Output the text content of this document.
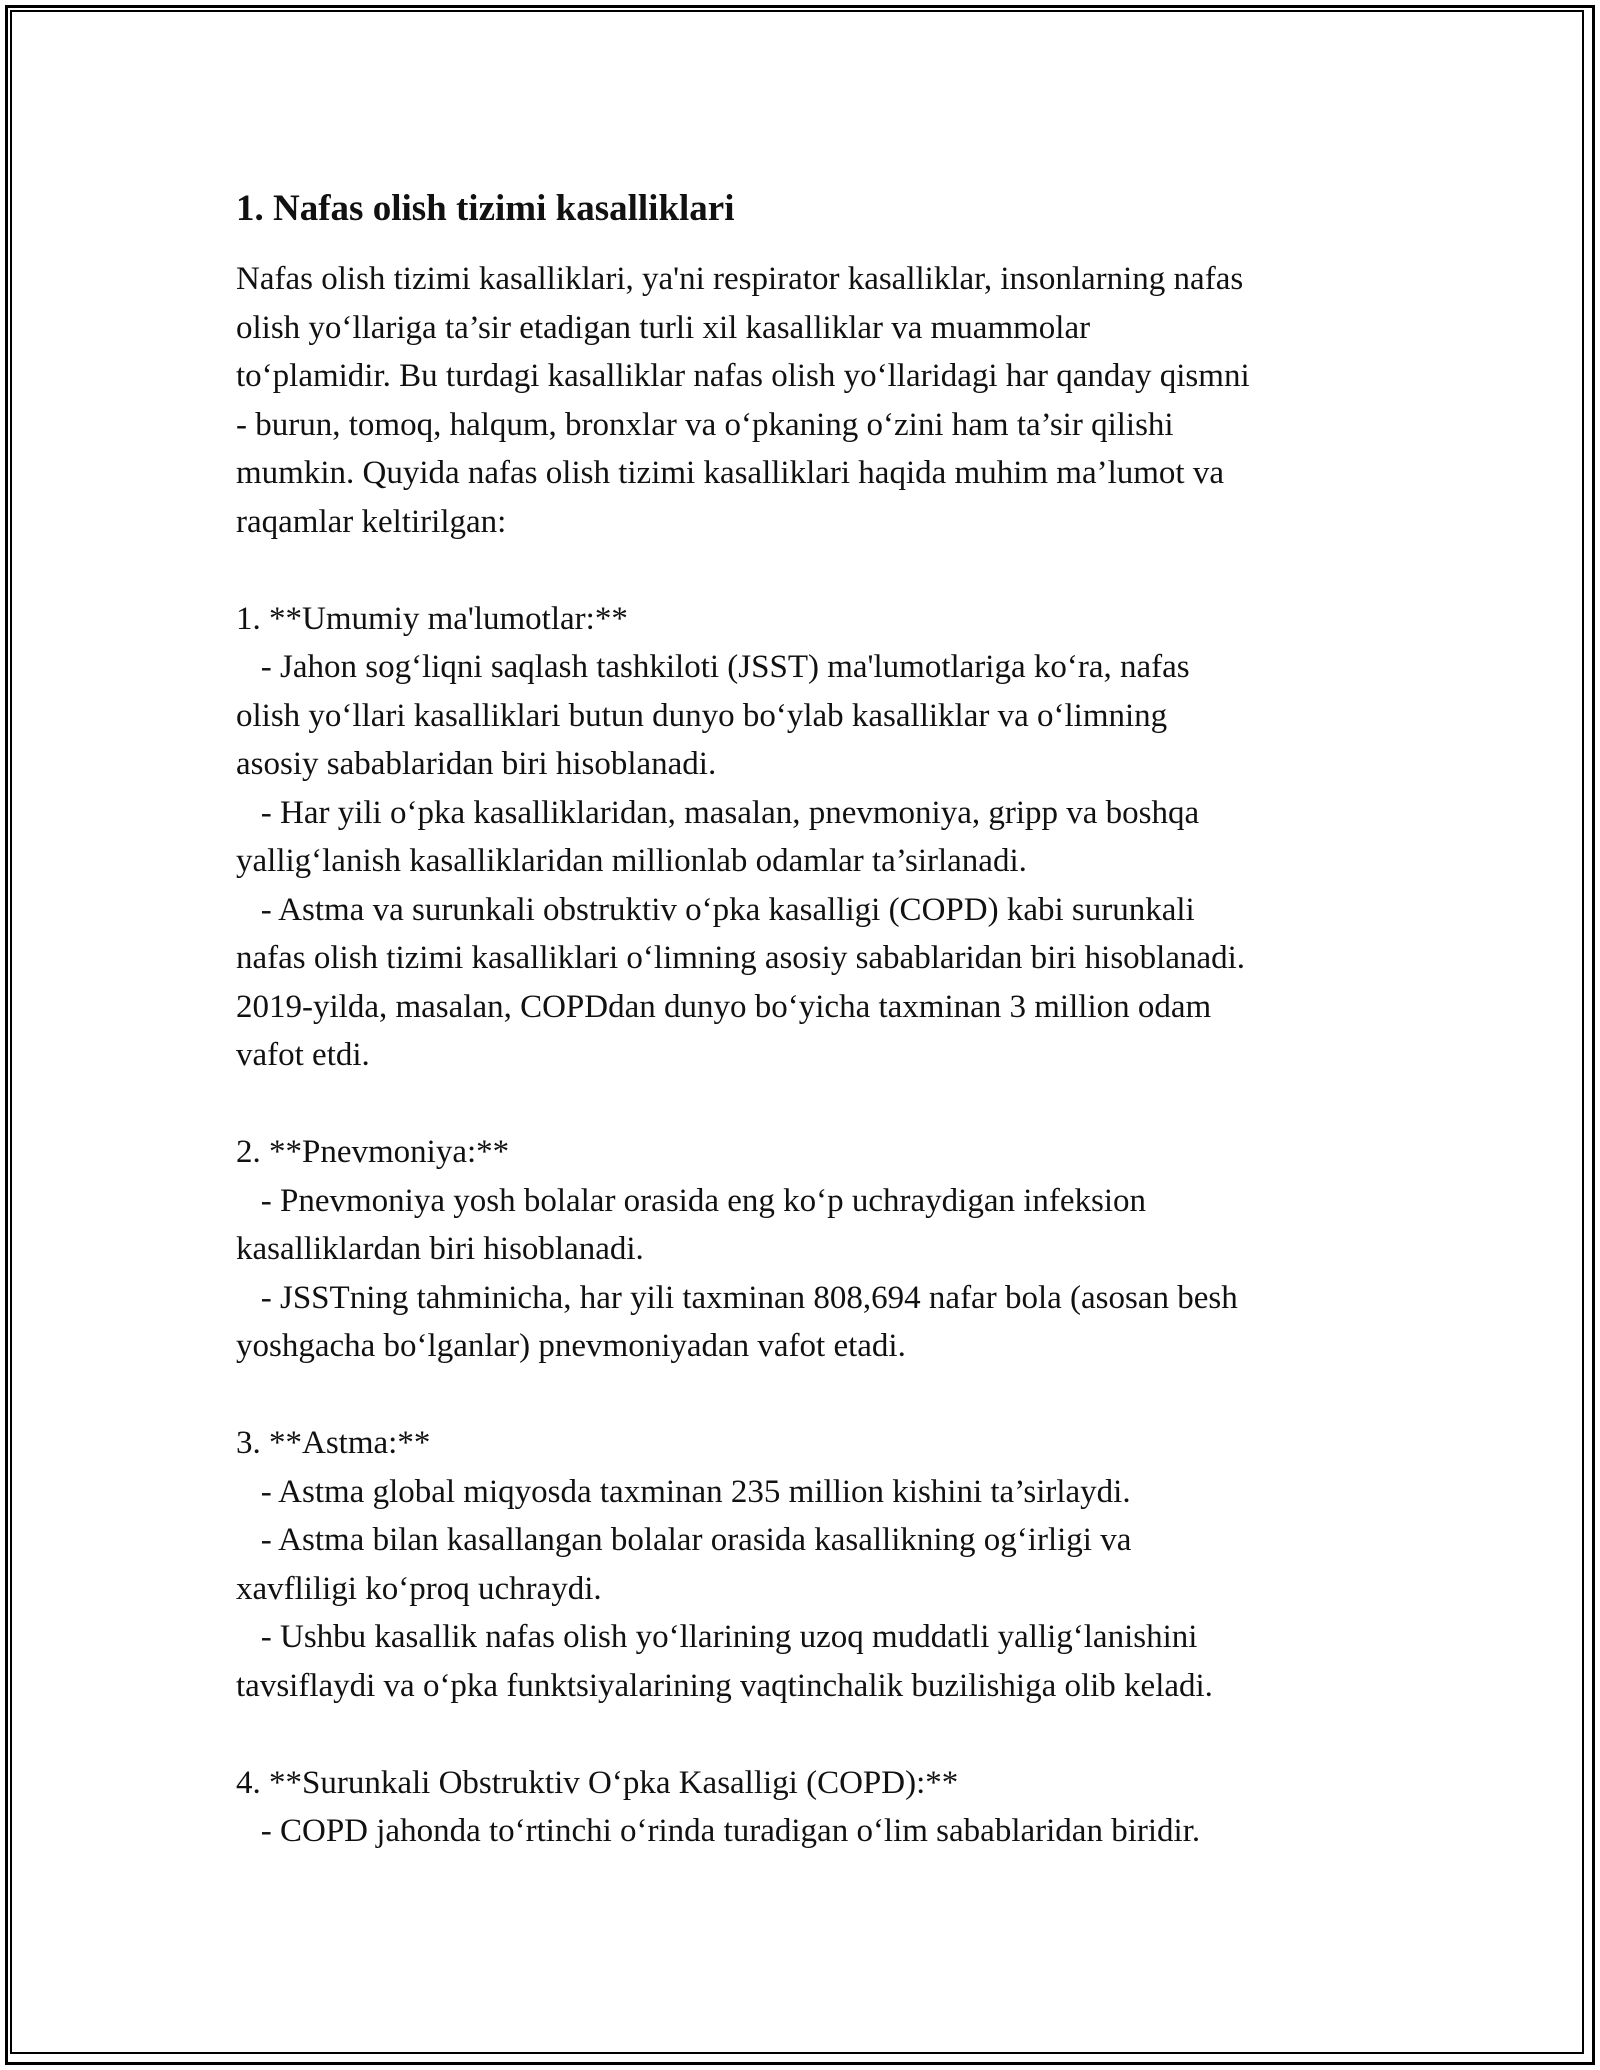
1. Nafas olish tizimi kasalliklari

Nafas olish tizimi kasalliklari, ya'ni respirator kasalliklar, insonlarning nafas
olish yo‘llariga ta’sir etadigan turli xil kasalliklar va muammolar
to‘plamidir. Bu turdagi kasalliklar nafas olish yo‘llaridagi har qanday qismni
- burun, tomoq, halqum, bronxlar va o‘pkaning o‘zini ham ta’sir qilishi
mumkin. Quyida nafas olish tizimi kasalliklari haqida muhim ma’lumot va
raqamlar keltirilgan:

1. **Umumiy ma'lumotlar:**
- Jahon sog‘liqni saqlash tashkiloti (JSST) ma'lumotlariga ko‘ra, nafas
olish yo‘llari kasalliklari butun dunyo bo‘ylab kasalliklar va o‘limning
asosiy sabablaridan biri hisoblanadi.
- Har yili o‘pka kasalliklaridan, masalan, pnevmoniya, gripp va boshqa
yallig‘lanish kasalliklaridan millionlab odamlar ta’sirlanadi.
- Astma va surunkali obstruktiv o‘pka kasalligi (COPD) kabi surunkali
nafas olish tizimi kasalliklari o‘limning asosiy sabablaridan biri hisoblanadi.
2019-yilda, masalan, COPDdan dunyo bo‘yicha taxminan 3 million odam
vafot etdi.

2. **Pnevmoniya:**
- Pnevmoniya yosh bolalar orasida eng ko‘p uchraydigan infeksion
kasalliklardan biri hisoblanadi.
- JSSTning tahminicha, har yili taxminan 808,694 nafar bola (asosan besh
yoshgacha bo‘lganlar) pnevmoniyadan vafot etadi.

3. **Astma:**
- Astma global miqyosda taxminan 235 million kishini ta’sirlaydi.
- Astma bilan kasallangan bolalar orasida kasallikning og‘irligi va
xavfliligi ko‘proq uchraydi.
- Ushbu kasallik nafas olish yo‘llarining uzoq muddatli yallig‘lanishini
tavsiflaydi va o‘pka funktsiyalarining vaqtinchalik buzilishiga olib keladi.

4. **Surunkali Obstruktiv O‘pka Kasalligi (COPD):**
- COPD jahonda to‘rtinchi o‘rinda turadigan o‘lim sabablaridan biridir.
